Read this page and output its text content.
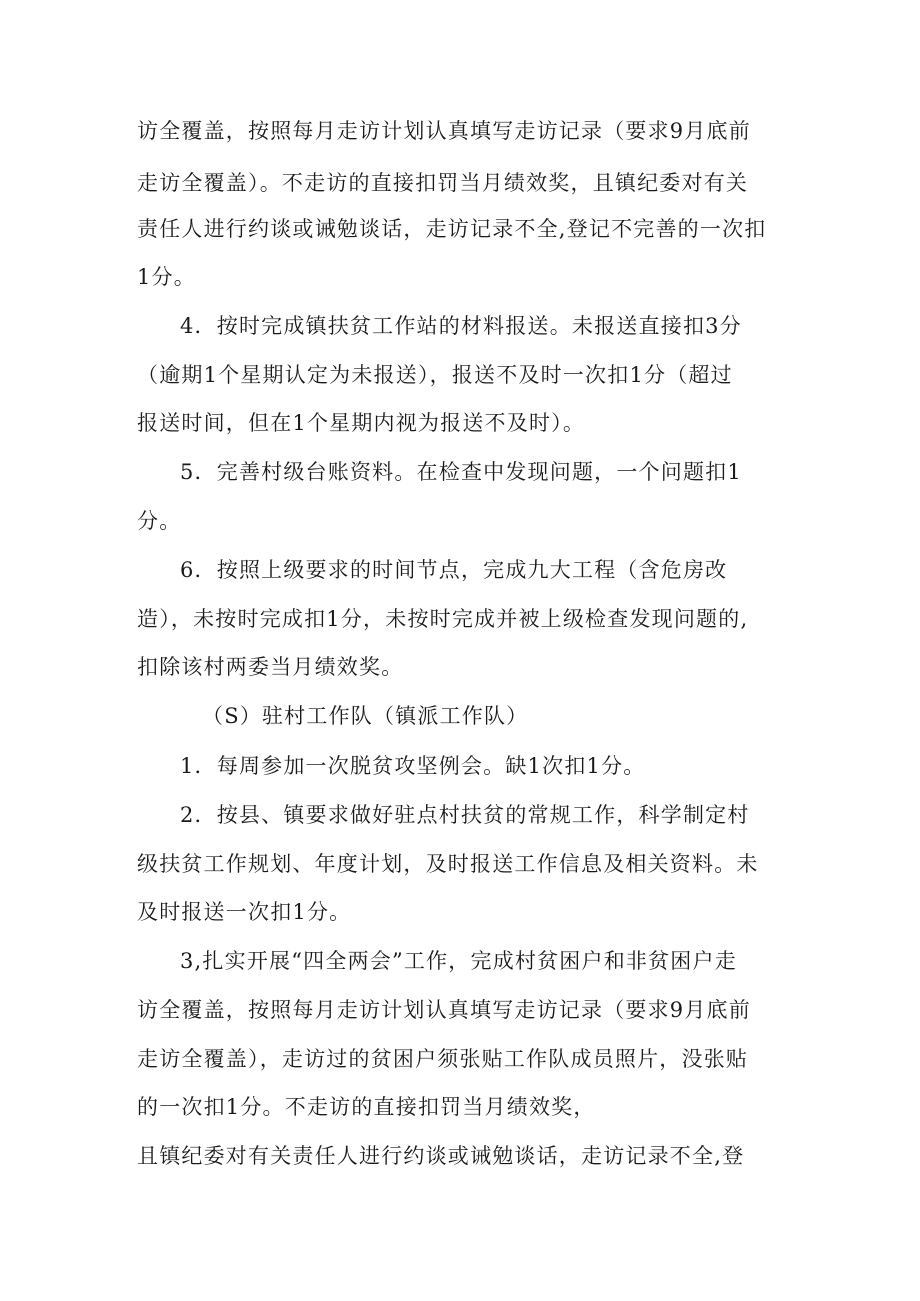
访全覆盖，按照每月走访计划认真填写走访记录（要求9月底前
走访全覆盖）。不走访的直接扣罚当月绩效奖，且镇纪委对有关
责任人进行约谈或诫勉谈话，走访记录不全,登记不完善的一次扣
1分。
4．按时完成镇扶贫工作站的材料报送。未报送直接扣3分
（逾期1个星期认定为未报送），报送不及时一次扣1分（超过
报送时间，但在1个星期内视为报送不及时）。
5．完善村级台账资料。在检查中发现问题，一个问题扣1
分。
6．按照上级要求的时间节点，完成九大工程（含危房改
造），未按时完成扣1分，未按时完成并被上级检查发现问题的,
扣除该村两委当月绩效奖。
（S）驻村工作队（镇派工作队）
1．每周参加一次脱贫攻坚例会。缺1次扣1分。
2．按县、镇要求做好驻点村扶贫的常规工作，科学制定村
级扶贫工作规划、年度计划，及时报送工作信息及相关资料。未
及时报送一次扣1分。
3,扎实开展“四全两会”工作，完成村贫困户和非贫困户走
访全覆盖，按照每月走访计划认真填写走访记录（要求9月底前
走访全覆盖），走访过的贫困户须张贴工作队成员照片，没张贴
的一次扣1分。不走访的直接扣罚当月绩效奖，
且镇纪委对有关责任人进行约谈或诫勉谈话，走访记录不全,登
